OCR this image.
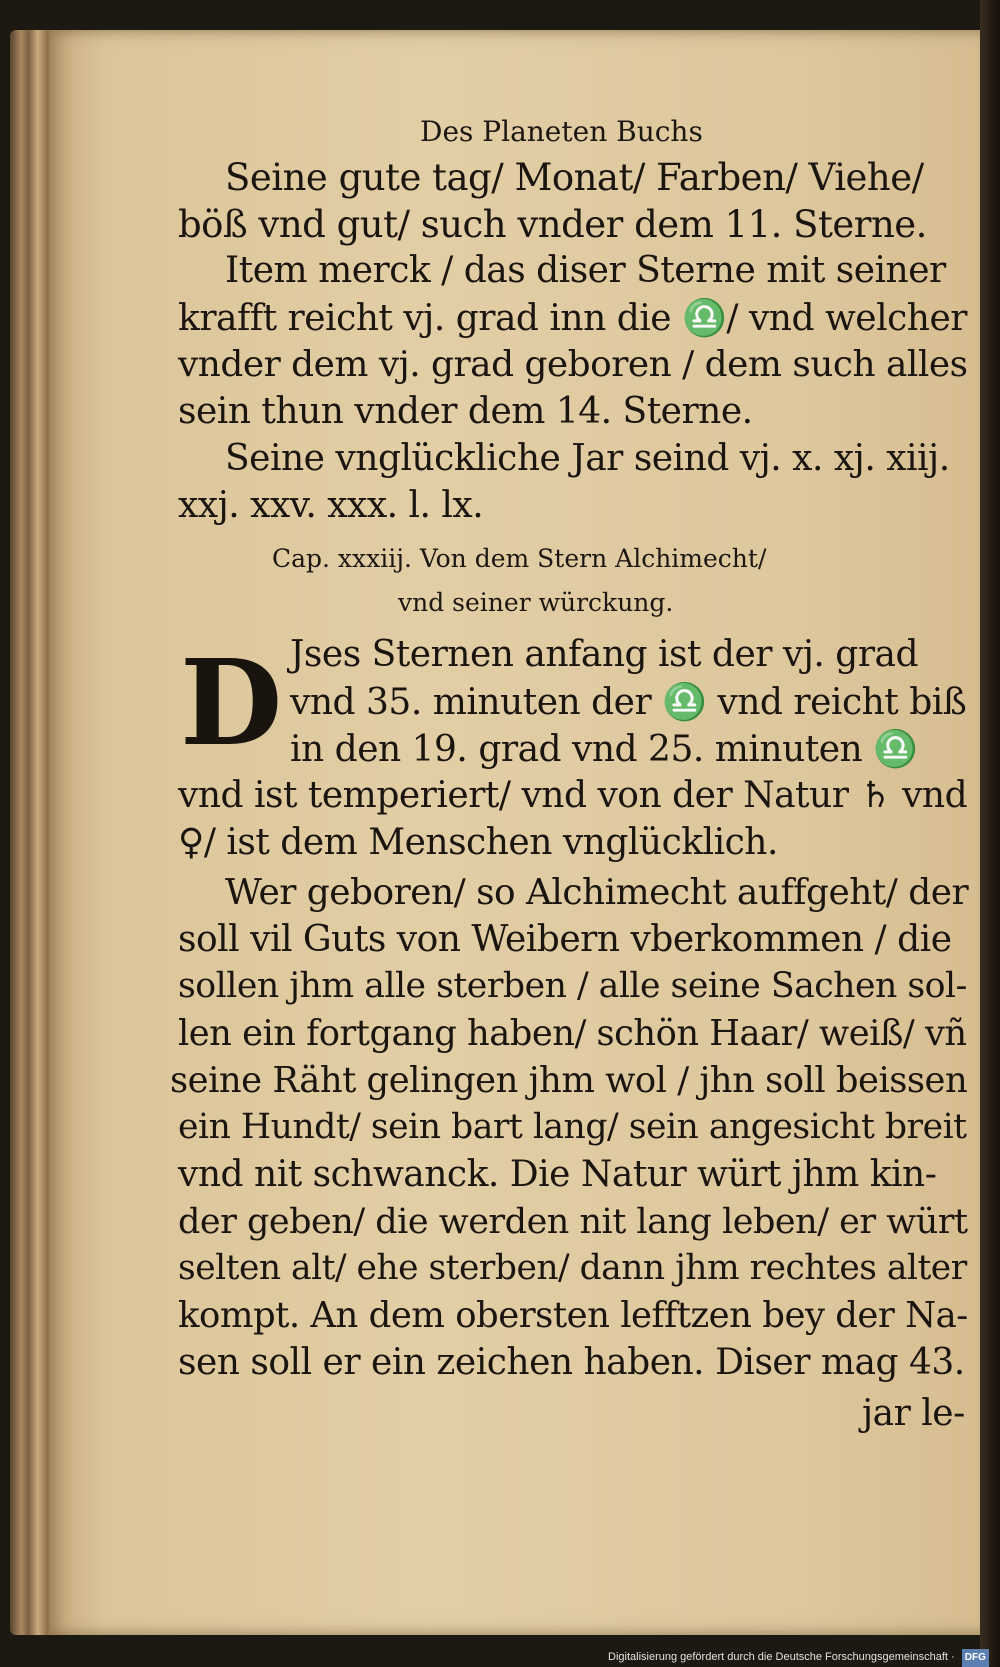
Des Planeten Buchs
Seine gute tag/ Monat/ Farben/ Viehe/
böß vnd gut/ such vnder dem 11. Sterne.
Item merck / das diser Sterne mit seiner
krafft reicht vj. grad inn die ♎/ vnd welcher
vnder dem vj. grad geboren / dem such alles
sein thun vnder dem 14. Sterne.
Seine vnglückliche Jar seind vj. x. xj. xiij.
xxj. xxv. xxx. l. lx.
Cap. xxxiij. Von dem Stern Alchimecht/
vnd seiner würckung.
D Jses Sternen anfang ist der vj. grad
vnd 35. minuten der ♎ vnd reicht biß
in den 19. grad vnd 25. minuten ♎
vnd ist temperiert/ vnd von der Natur ♄ vnd
♀/ ist dem Menschen vnglücklich.
Wer geboren/ so Alchimecht auffgeht/ der
soll vil Guts von Weibern vberkommen / die
sollen jhm alle sterben / alle seine Sachen sol-
len ein fortgang haben/ schön Haar/ weiß/ vñ
seine Räht gelingen jhm wol / jhn soll beissen
ein Hundt/ sein bart lang/ sein angesicht breit
vnd nit schwanck. Die Natur würt jhm kin-
der geben/ die werden nit lang leben/ er würt
selten alt/ ehe sterben/ dann jhm rechtes alter
kompt. An dem obersten lefftzen bey der Na-
sen soll er ein zeichen haben. Diser mag 43.
jar le-
Digitalisierung gefördert durch die Deutsche Forschungsgemeinschaft · DFG
